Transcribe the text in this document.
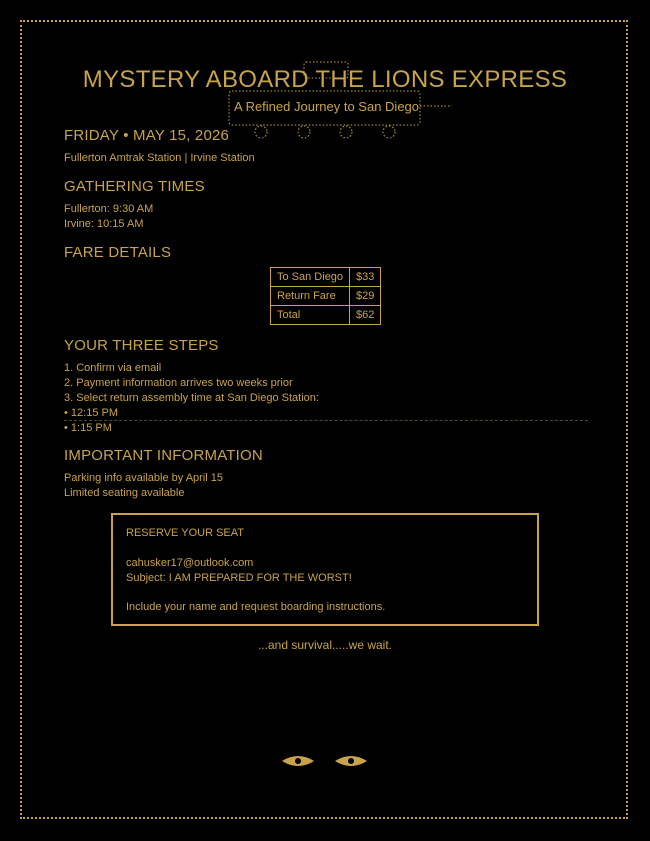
MYSTERY ABOARD THE LIONS EXPRESS
A Refined Journey to San Diego
FRIDAY • MAY 15, 2026
Fullerton Amtrak Station | Irvine Station
GATHERING TIMES
Fullerton: 9:30 AM
Irvine: 10:15 AM
FARE DETAILS
To San Diego	$33
Return Fare	$29
Total	$62
YOUR THREE STEPS
1. Confirm via email
2. Payment information arrives two weeks prior
3. Select return assembly time at San Diego Station:
• 12:15 PM
• 1:15 PM
IMPORTANT INFORMATION
Parking info available by April 15
Limited seating available
RESERVE YOUR SEAT
cahusker17@outlook.com
Subject: I AM PREPARED FOR THE WORST!
Include your name and request boarding instructions.
...and survival.....we wait.
